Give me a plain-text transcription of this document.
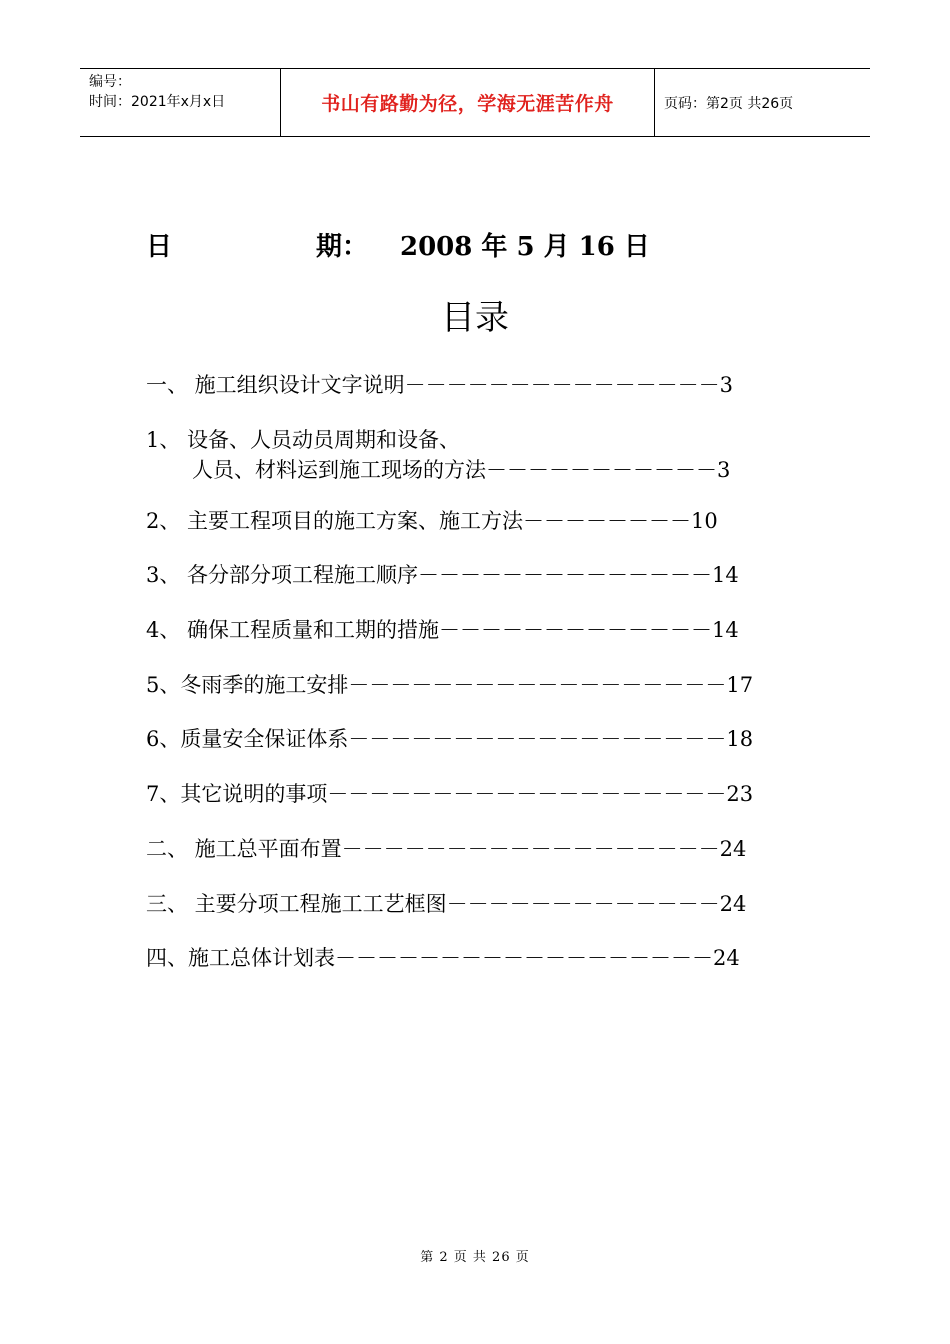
编号：
时间：2021年x月x日	书山有路勤为径，学海无涯苦作舟	页码：第2页 共26页
日	期： 2008 年 5 月 16 日
目录
一、 施工组织设计文字说明－－－－－－－－－－－－－－－3
1、 设备、人员动员周期和设备、
人员、材料运到施工现场的方法－－－－－－－－－－－3
2、 主要工程项目的施工方案、施工方法－－－－－－－－10
3、 各分部分项工程施工顺序－－－－－－－－－－－－－－14
4、 确保工程质量和工期的措施－－－－－－－－－－－－－14
5、冬雨季的施工安排－－－－－－－－－－－－－－－－－－17
6、质量安全保证体系－－－－－－－－－－－－－－－－－－18
7、其它说明的事项－－－－－－－－－－－－－－－－－－－23
二、 施工总平面布置－－－－－－－－－－－－－－－－－－24
三、 主要分项工程施工工艺框图－－－－－－－－－－－－－24
四、施工总体计划表－－－－－－－－－－－－－－－－－－24
第 2 页 共 26 页
